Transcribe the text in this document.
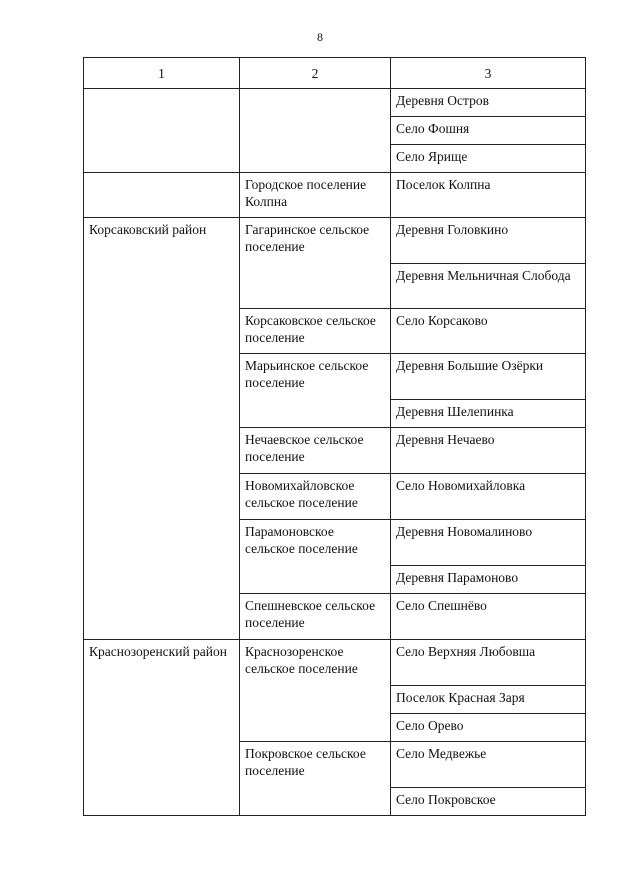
8
1	2	3
		Деревня Остров
		Село Фошня
		Село Ярище
	Городское поселение Колпна	Поселок Колпна
Корсаковский район	Гагаринское сельское поселение	Деревня Головкино
		Деревня Мельничная Слобода
	Корсаковское сельское поселение	Село Корсаково
	Марьинское сельское поселение	Деревня Большие Озёрки
		Деревня Шелепинка
	Нечаевское сельское поселение	Деревня Нечаево
	Новомихайловское сельское поселение	Село Новомихайловка
	Парамоновское сельское поселение	Деревня Новомалиново
		Деревня Парамоново
	Спешневское сельское поселение	Село Спешнёво
Краснозоренский район	Краснозоренское сельское поселение	Село Верхняя Любовша
		Поселок Красная Заря
		Село Орево
	Покровское сельское поселение	Село Медвежье
		Село Покровское
